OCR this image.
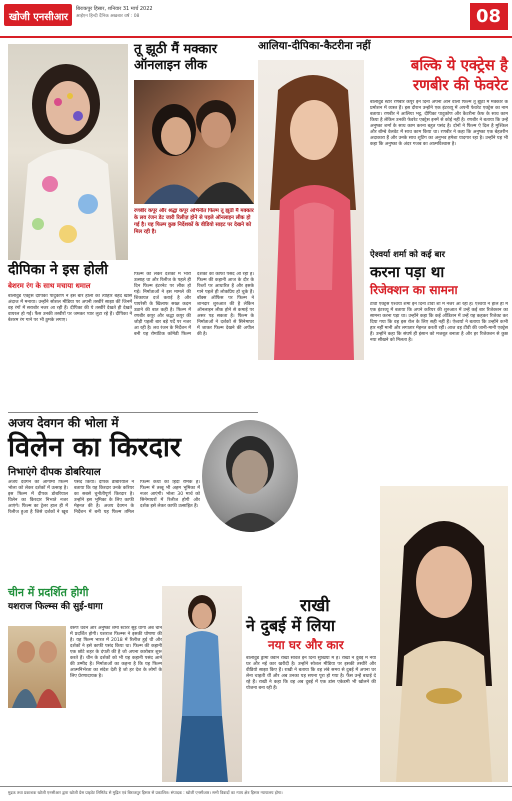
खोजी एनसीआर
बिराकपुर हिसार, शनिवार 31 मार्च 2022
आईएन हिन्दी दैनिक अखबार वर्ष : 08	08
तू झूठी मैं मक्कार ऑनलाइन लीक
रणबीर कपूर और श्रद्धा कपूर अभिनीत फिल्म तू झूठी मैं मक्कार के लव रंजन डेट जारी रिलीज़ होने से पहले ऑनलाइन लीक हो गई है। यह फिल्म कुछ निर्देशकों के वीडियो साइट पर देखने को मिल रही है।
फिल्म को लेकर दर्शकों में भारी उत्साह था और रिलीज के पहले ही दिन फिल्म इंटरनेट पर लीक हो गई। निर्माताओं ने इस मामले की शिकायत दर्ज कराई है और पायरेसी के खिलाफ सख्त कदम उठाने की बात कही है। फिल्म में रणबीर कपूर और श्रद्धा कपूर की जोड़ी पहली बार बड़े पर्दे पर नजर आ रही है। लव रंजन के निर्देशन में बनी यह रोमांटिक कॉमेडी फिल्म दर्शकों को काफी पसंद आ रही है। फिल्म की कहानी आज के दौर के रिश्तों पर आधारित है और इसके गाने पहले ही लोकप्रिय हो चुके हैं। बॉक्स ऑफिस पर फिल्म ने शानदार शुरुआत की है लेकिन ऑनलाइन लीक होने से कमाई पर असर पड़ सकता है। फिल्म के निर्माताओं ने दर्शकों से सिनेमाघर में जाकर फिल्म देखने की अपील की है।
आलिया-दीपिका-कैटरीना नहीं
बल्कि ये एक्ट्रेस है
रणबीर की फेवरेट
बॉलीवुड स्टार रणबीर कपूर इन दिनों अपनी आने वाली फिल्म तू झूठी मैं मक्कार के प्रमोशन में व्यस्त हैं। इस दौरान उन्होंने एक इंटरव्यू में अपनी फेवरेट एक्ट्रेस का नाम बताया। रणबीर ने आलिया भट्ट, दीपिका पादुकोण और कैटरीना कैफ के साथ काम किया है लेकिन उनकी फेवरेट एक्ट्रेस इनमें से कोई नहीं है। रणबीर ने बताया कि उन्हें अनुष्का शर्मा के साथ काम करना बहुत पसंद है। दोनों ने फिल्म ऐ दिल है मुश्किल और बॉम्बे वेलवेट में साथ काम किया था। रणबीर ने कहा कि अनुष्का एक बेहतरीन अदाकारा हैं और उनके साथ शूटिंग का अनुभव हमेशा यादगार रहा है। उन्होंने यह भी कहा कि अनुष्का के अंदर गजब का आत्मविश्वास है।
ऐश्वर्या शर्मा को कई बार
करना पड़ा था
रिजेक्शन का सामना
टीवी एक्ट्रेस ऐश्वर्या शर्मा इन दिनों टीवी शो में नजर आ रही हैं। ऐश्वर्या ने हाल ही में एक इंटरव्यू में बताया कि अपने करियर की शुरुआत में उन्हें कई बार रिजेक्शन का सामना करना पड़ा था। उन्होंने कहा कि कई ऑडिशन में उन्हें यह कहकर रिजेक्ट कर दिया गया कि वह इस रोल के लिए सही नहीं हैं। ऐश्वर्या ने बताया कि उन्होंने कभी हार नहीं मानी और लगातार मेहनत करती रहीं। आज वह टीवी की जानी-मानी एक्ट्रेस हैं। उन्होंने कहा कि संघर्ष ही इंसान को मजबूत बनाता है और हर रिजेक्शन से कुछ नया सीखने को मिलता है।
दीपिका ने इस होली
बेशरम रंग के साथ मचाया धमाल
बॉलीवुड एक्ट्रेस दीपिका पादुकोण ने इस बार होली का त्योहार बेहद खास अंदाज में मनाया। उन्होंने सोशल मीडिया पर अपनी तस्वीरें साझा कीं जिनमें वह रंगों में सराबोर नजर आ रही हैं। दीपिका की ये तस्वीरें देखते ही देखते वायरल हो गईं। फैंस उनकी तस्वीरों पर जमकर प्यार लुटा रहे हैं। दीपिका ने बेशरम रंग गाने पर भी ठुमके लगाए।
अजय देवगन की भोला में
विलेन का किरदार
निभाएंगे दीपक डोबरियाल
अजय देवगन की आगामी फिल्म भोला को लेकर दर्शकों में उत्साह है। इस फिल्म में दीपक डोबरियाल विलेन का किरदार निभाते नजर आएंगे। फिल्म का ट्रेलर हाल ही में रिलीज हुआ है जिसे दर्शकों ने खूब पसंद किया। दीपक डोबरियाल ने बताया कि यह किरदार उनके करियर का सबसे चुनौतीपूर्ण किरदार है। उन्होंने इस भूमिका के लिए काफी मेहनत की है। अजय देवगन के निर्देशन में बनी यह फिल्म तमिल फिल्म कैथी का हिंदी रीमेक है। फिल्म में तब्बू भी अहम भूमिका में नजर आएंगी। भोला 30 मार्च को सिनेमाघरों में रिलीज होगी और दर्शक इसे लेकर काफी उत्साहित हैं।
चीन में प्रदर्शित होगी
यशराज फिल्म्स की सुई-धागा
वरुण धवन और अनुष्का शर्मा स्टारर सुई धागा अब चीन में प्रदर्शित होगी। यशराज फिल्म्स ने इसकी घोषणा की है। यह फिल्म भारत में 2018 में रिलीज हुई थी और दर्शकों ने इसे काफी पसंद किया था। फिल्म की कहानी एक छोटे शहर के दंपती की है जो अपना कारोबार शुरू करते हैं। चीन के दर्शकों को भी यह कहानी पसंद आने की उम्मीद है। निर्माताओं का कहना है कि यह फिल्म आत्मनिर्भरता का संदेश देती है जो हर देश के लोगों के लिए प्रेरणादायक है।
राखी
ने दुबई में लिया
नया घर और कार
बॉलीवुड ड्रामा क्वीन राखी सावंत इन दिनों सुर्खियों में हैं। राखी ने दुबई में नया घर और नई कार खरीदी है। उन्होंने सोशल मीडिया पर इसकी तस्वीरें और वीडियो साझा किए हैं। राखी ने बताया कि वह लंबे समय से दुबई में अपना घर लेना चाहती थीं और अब उनका यह सपना पूरा हो गया है। फैंस उन्हें बधाई दे रहे हैं। राखी ने कहा कि वह अब दुबई में एक डांस एकेडमी भी खोलने की योजना बना रही हैं।
मुद्रक तथा प्रकाशक खोजी एनसीआर द्वारा खोजी प्रेस प्राइवेट लिमिटेड से मुद्रित एवं बिराकपुर हिसार से प्रकाशित। संपादक : खोजी एनसीआर। सभी विवादों का न्याय क्षेत्र हिसार न्यायालय होगा।
